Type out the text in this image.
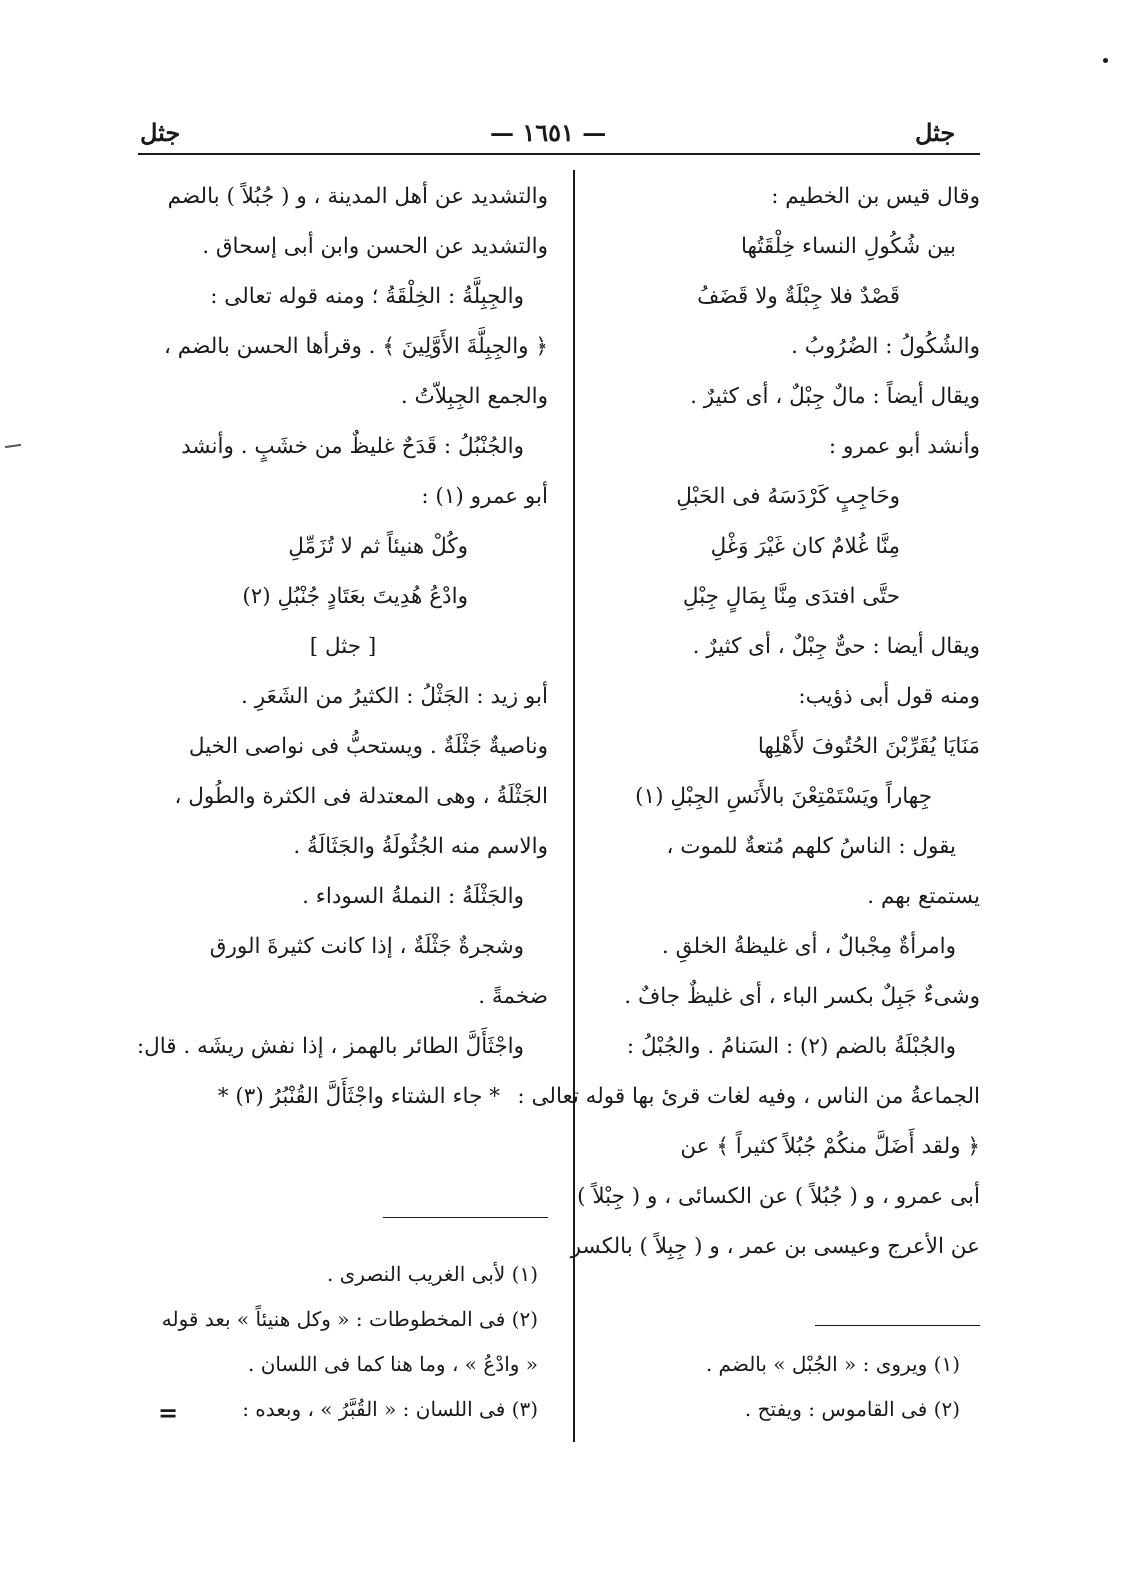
جثل
— ١٦٥١ —
جثل
وقال قيس بن الخطيم :
بين شُكُولِ النساء خِلْقَتُها
قَصْدٌ فلا جِبْلَةٌ ولا قَضَفُ
والشُكُولُ : الضُرُوبُ .
ويقال أيضاً : مالٌ جِبْلٌ ، أى كثيرٌ .
وأنشد أبو عمرو :
وحَاجِبٍ كَرْدَسَهُ فى الحَبْلِ
مِنَّا غُلامٌ كان غَيْرَ وَغْلِ
حتَّى افتدَى مِنَّا بِمَالٍ جِبْلِ
ويقال أيضا : حىٌّ جِبْلٌ ، أى كثيرٌ .
ومنه قول أبى ذؤيب:
مَنَايَا يُقَرِّبْنَ الحُتُوفَ لأَهْلِها
جِهاراً ويَسْتَمْتِعْنَ بالأَنَسِ الجِبْلِ (١)
يقول : الناسُ كلهم مُتعةٌ للموت ،
يستمتع بهم .
وامرأةٌ مِجْبالٌ ، أى غليظةُ الخلقِ .
وشىءٌ جَبِلٌ بكسر الباء ، أى غليظٌ جافٌ .
والجُبْلَةُ بالضم (٢) : السَنامُ . والجُبْلُ :
الجماعةُ من الناس ، وفيه لغات قرئ بها قوله تعالى :
﴿ ولقد أَضَلَّ منكُمْ جُبُلاً كثيراً ﴾ عن
أبى عمرو ، و ( جُبُلاً ) عن الكسائى ، و ( جِبْلاً )
عن الأعرج وعيسى بن عمر ، و ( جِبِلاً ) بالكسر
(١) ويروى : « الجُبْل » بالضم .
(٢) فى القاموس : ويفتح .
والتشديد عن أهل المدينة ، و ( جُبُلاً ) بالضم
والتشديد عن الحسن وابن أبى إسحاق .
والجِبِلَّةُ : الخِلْقَةُ ؛ ومنه قوله تعالى :
﴿ والجِبِلَّةَ الأَوَّلِينَ ﴾ . وقرأها الحسن بالضم ،
والجمع الجِبِلاّتُ .
والجُنْبُلُ : قَدَحٌ غليظٌ من خشَبٍ . وأنشد
أبو عمرو (١) :
وكُلْ هنيئاً ثم لا تُزَمِّلِ
وادْعُ هُدِيتَ بعَتَادٍ جُنْبُلِ (٢)
[ جثل ]
أبو زيد : الجَثْلُ : الكثيرُ من الشَعَرِ .
وناصيةٌ جَثْلَةٌ . ويستحبُّ فى نواصى الخيل
الجَثْلَةُ ، وهى المعتدلة فى الكثرة والطُول ،
والاسم منه الجُثُولَةُ والجَثَالَةُ .
والجَثْلَةُ : النملةُ السوداء .
وشجرةٌ جَثْلَةٌ ، إذا كانت كثيرةَ الورق
ضخمةً .
واجْثَأَلَّ الطائر بالهمز ، إذا نفش ريشَه . قال:
* جاء الشتاء واجْثَأَلَّ القُنْبُرُ (٣) *
(١) لأبى الغريب النصرى .
(٢) فى المخطوطات : « وكل هنيئاً » بعد قوله
« وادْعُ » ، وما هنا كما فى اللسان .
(٣) فى اللسان : « القُبَّرُ » ، وبعده :
=
